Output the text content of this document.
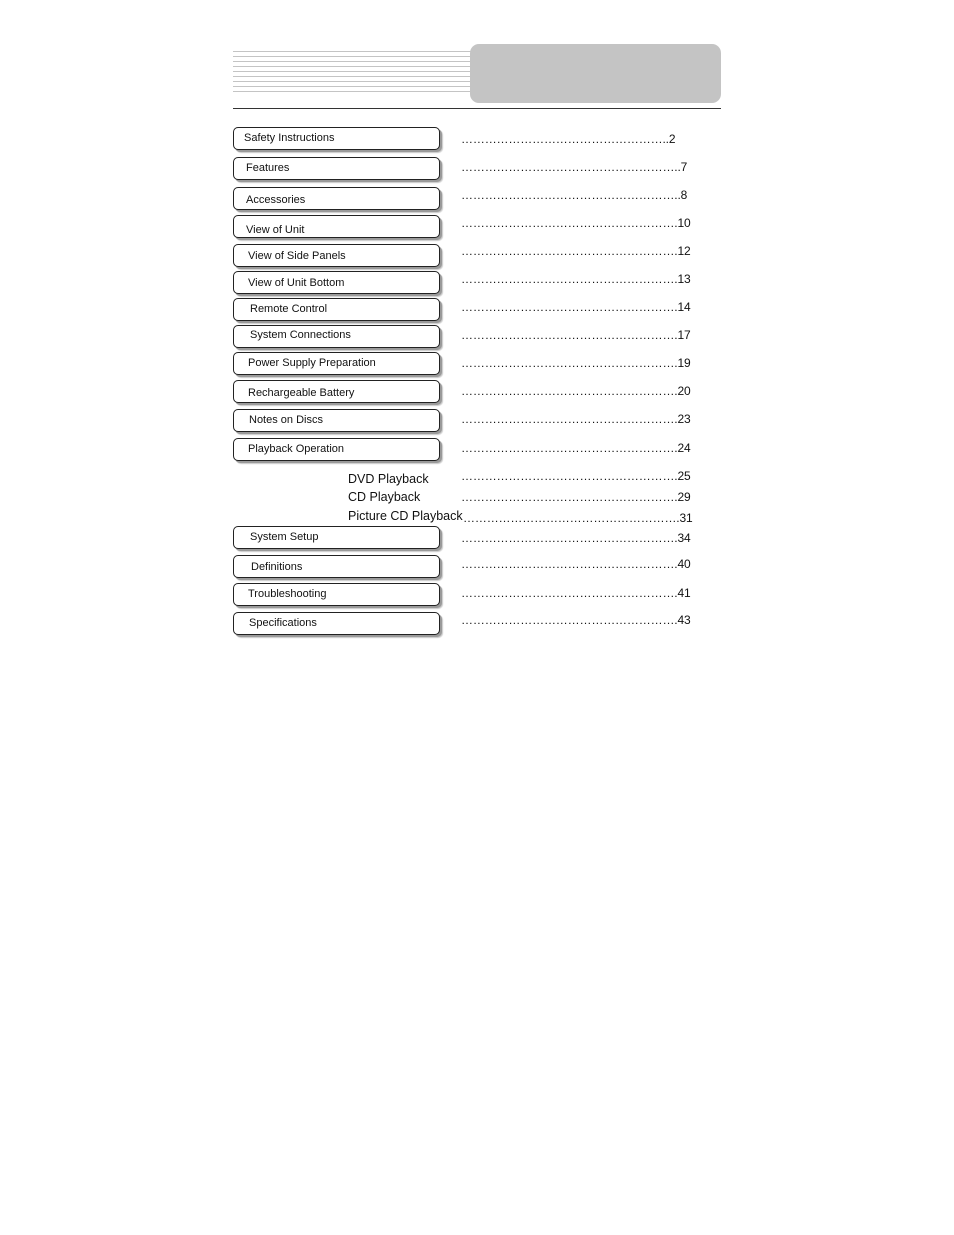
Safety Instructions	……………………………………………..2
Features	………………………………………………..7
Accessories	………………………………………………..8
View of Unit	……………………………………………….10
View of Side Panels	……………………………………………….12
View of Unit Bottom	……………………………………………….13
Remote Control	……………………………………………….14
System Connections	……………………………………………….17
Power Supply Preparation	……………………………………………….19
Rechargeable Battery	……………………………………………….20
Notes on Discs	……………………………………………….23
Playback Operation	……………………………………………….24
DVD Playback	……………………………………………….25
CD Playback	……………………………………………….29
Picture CD Playback ……………………………………………….31
System Setup	……………………………………………….34
Definitions	……………………………………………….40
Troubleshooting	……………………………………………….41
Specifications	……………………………………………….43
